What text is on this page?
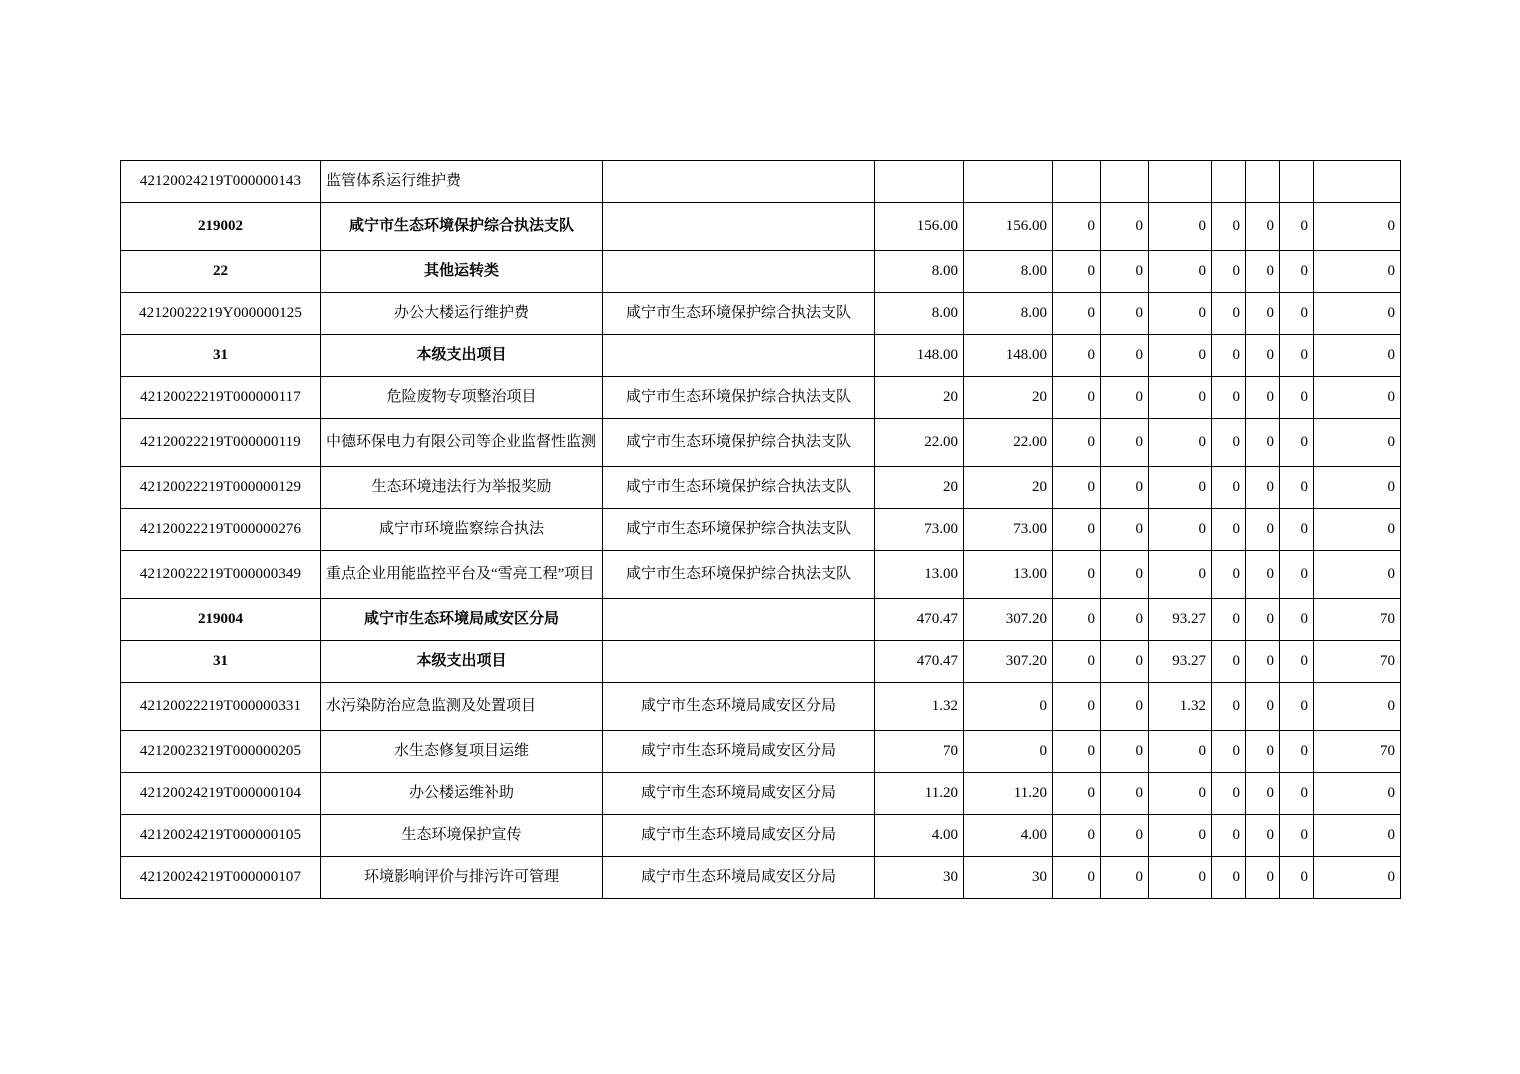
42120024219T000000143	监管体系运行维护费										
219002	咸宁市生态环境保护综合执法支队		156.00	156.00	0	0	0	0	0	0	0
22	其他运转类		8.00	8.00	0	0	0	0	0	0	0
42120022219Y000000125	办公大楼运行维护费	咸宁市生态环境保护综合执法支队	8.00	8.00	0	0	0	0	0	0	0
31	本级支出项目		148.00	148.00	0	0	0	0	0	0	0
42120022219T000000117	危险废物专项整治项目	咸宁市生态环境保护综合执法支队	20	20	0	0	0	0	0	0	0
42120022219T000000119	中德环保电力有限公司等企业监督性监测	咸宁市生态环境保护综合执法支队	22.00	22.00	0	0	0	0	0	0	0
42120022219T000000129	生态环境违法行为举报奖励	咸宁市生态环境保护综合执法支队	20	20	0	0	0	0	0	0	0
42120022219T000000276	咸宁市环境监察综合执法	咸宁市生态环境保护综合执法支队	73.00	73.00	0	0	0	0	0	0	0
42120022219T000000349	重点企业用能监控平台及“雪亮工程”项目	咸宁市生态环境保护综合执法支队	13.00	13.00	0	0	0	0	0	0	0
219004	咸宁市生态环境局咸安区分局		470.47	307.20	0	0	93.27	0	0	0	70
31	本级支出项目		470.47	307.20	0	0	93.27	0	0	0	70
42120022219T000000331	水污染防治应急监测及处置项目	咸宁市生态环境局咸安区分局	1.32	0	0	0	1.32	0	0	0	0
42120023219T000000205	水生态修复项目运维	咸宁市生态环境局咸安区分局	70	0	0	0	0	0	0	0	70
42120024219T000000104	办公楼运维补助	咸宁市生态环境局咸安区分局	11.20	11.20	0	0	0	0	0	0	0
42120024219T000000105	生态环境保护宣传	咸宁市生态环境局咸安区分局	4.00	4.00	0	0	0	0	0	0	0
42120024219T000000107	环境影响评价与排污许可管理	咸宁市生态环境局咸安区分局	30	30	0	0	0	0	0	0	0
